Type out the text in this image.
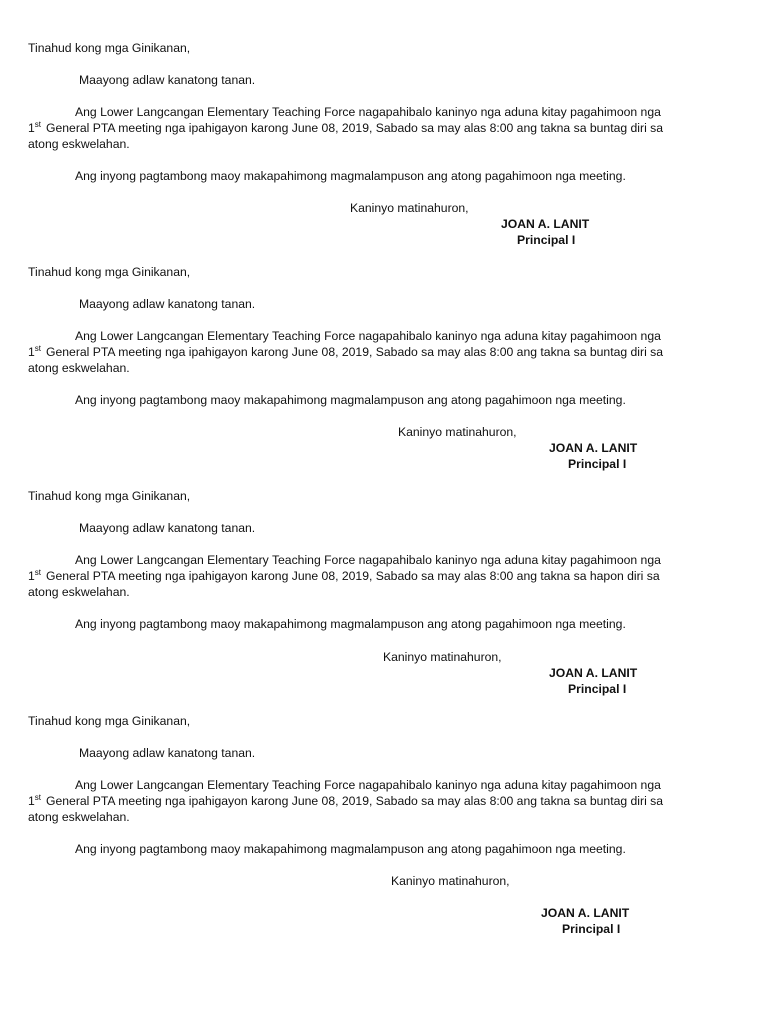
Tinahud kong mga Ginikanan,
Maayong adlaw kanatong tanan.
Ang Lower Langcangan Elementary Teaching Force nagapahibalo kaninyo nga aduna kitay pagahimoon nga
1st General PTA meeting nga ipahigayon karong June 08, 2019, Sabado sa may alas 8:00 ang takna sa buntag diri sa
atong eskwelahan.
Ang inyong pagtambong maoy makapahimong magmalampuson ang atong pagahimoon nga meeting.
Kaninyo matinahuron,
JOAN A. LANIT
Principal I
Tinahud kong mga Ginikanan,
Maayong adlaw kanatong tanan.
Ang Lower Langcangan Elementary Teaching Force nagapahibalo kaninyo nga aduna kitay pagahimoon nga
1st General PTA meeting nga ipahigayon karong June 08, 2019, Sabado sa may alas 8:00 ang takna sa buntag diri sa
atong eskwelahan.
Ang inyong pagtambong maoy makapahimong magmalampuson ang atong pagahimoon nga meeting.
Kaninyo matinahuron,
JOAN A. LANIT
Principal I
Tinahud kong mga Ginikanan,
Maayong adlaw kanatong tanan.
Ang Lower Langcangan Elementary Teaching Force nagapahibalo kaninyo nga aduna kitay pagahimoon nga
1st General PTA meeting nga ipahigayon karong June 08, 2019, Sabado sa may alas 8:00 ang takna sa hapon diri sa
atong eskwelahan.
Ang inyong pagtambong maoy makapahimong magmalampuson ang atong pagahimoon nga meeting.
Kaninyo matinahuron,
JOAN A. LANIT
Principal I
Tinahud kong mga Ginikanan,
Maayong adlaw kanatong tanan.
Ang Lower Langcangan Elementary Teaching Force nagapahibalo kaninyo nga aduna kitay pagahimoon nga
1st General PTA meeting nga ipahigayon karong June 08, 2019, Sabado sa may alas 8:00 ang takna sa buntag diri sa
atong eskwelahan.
Ang inyong pagtambong maoy makapahimong magmalampuson ang atong pagahimoon nga meeting.
Kaninyo matinahuron,
JOAN A. LANIT
Principal I
